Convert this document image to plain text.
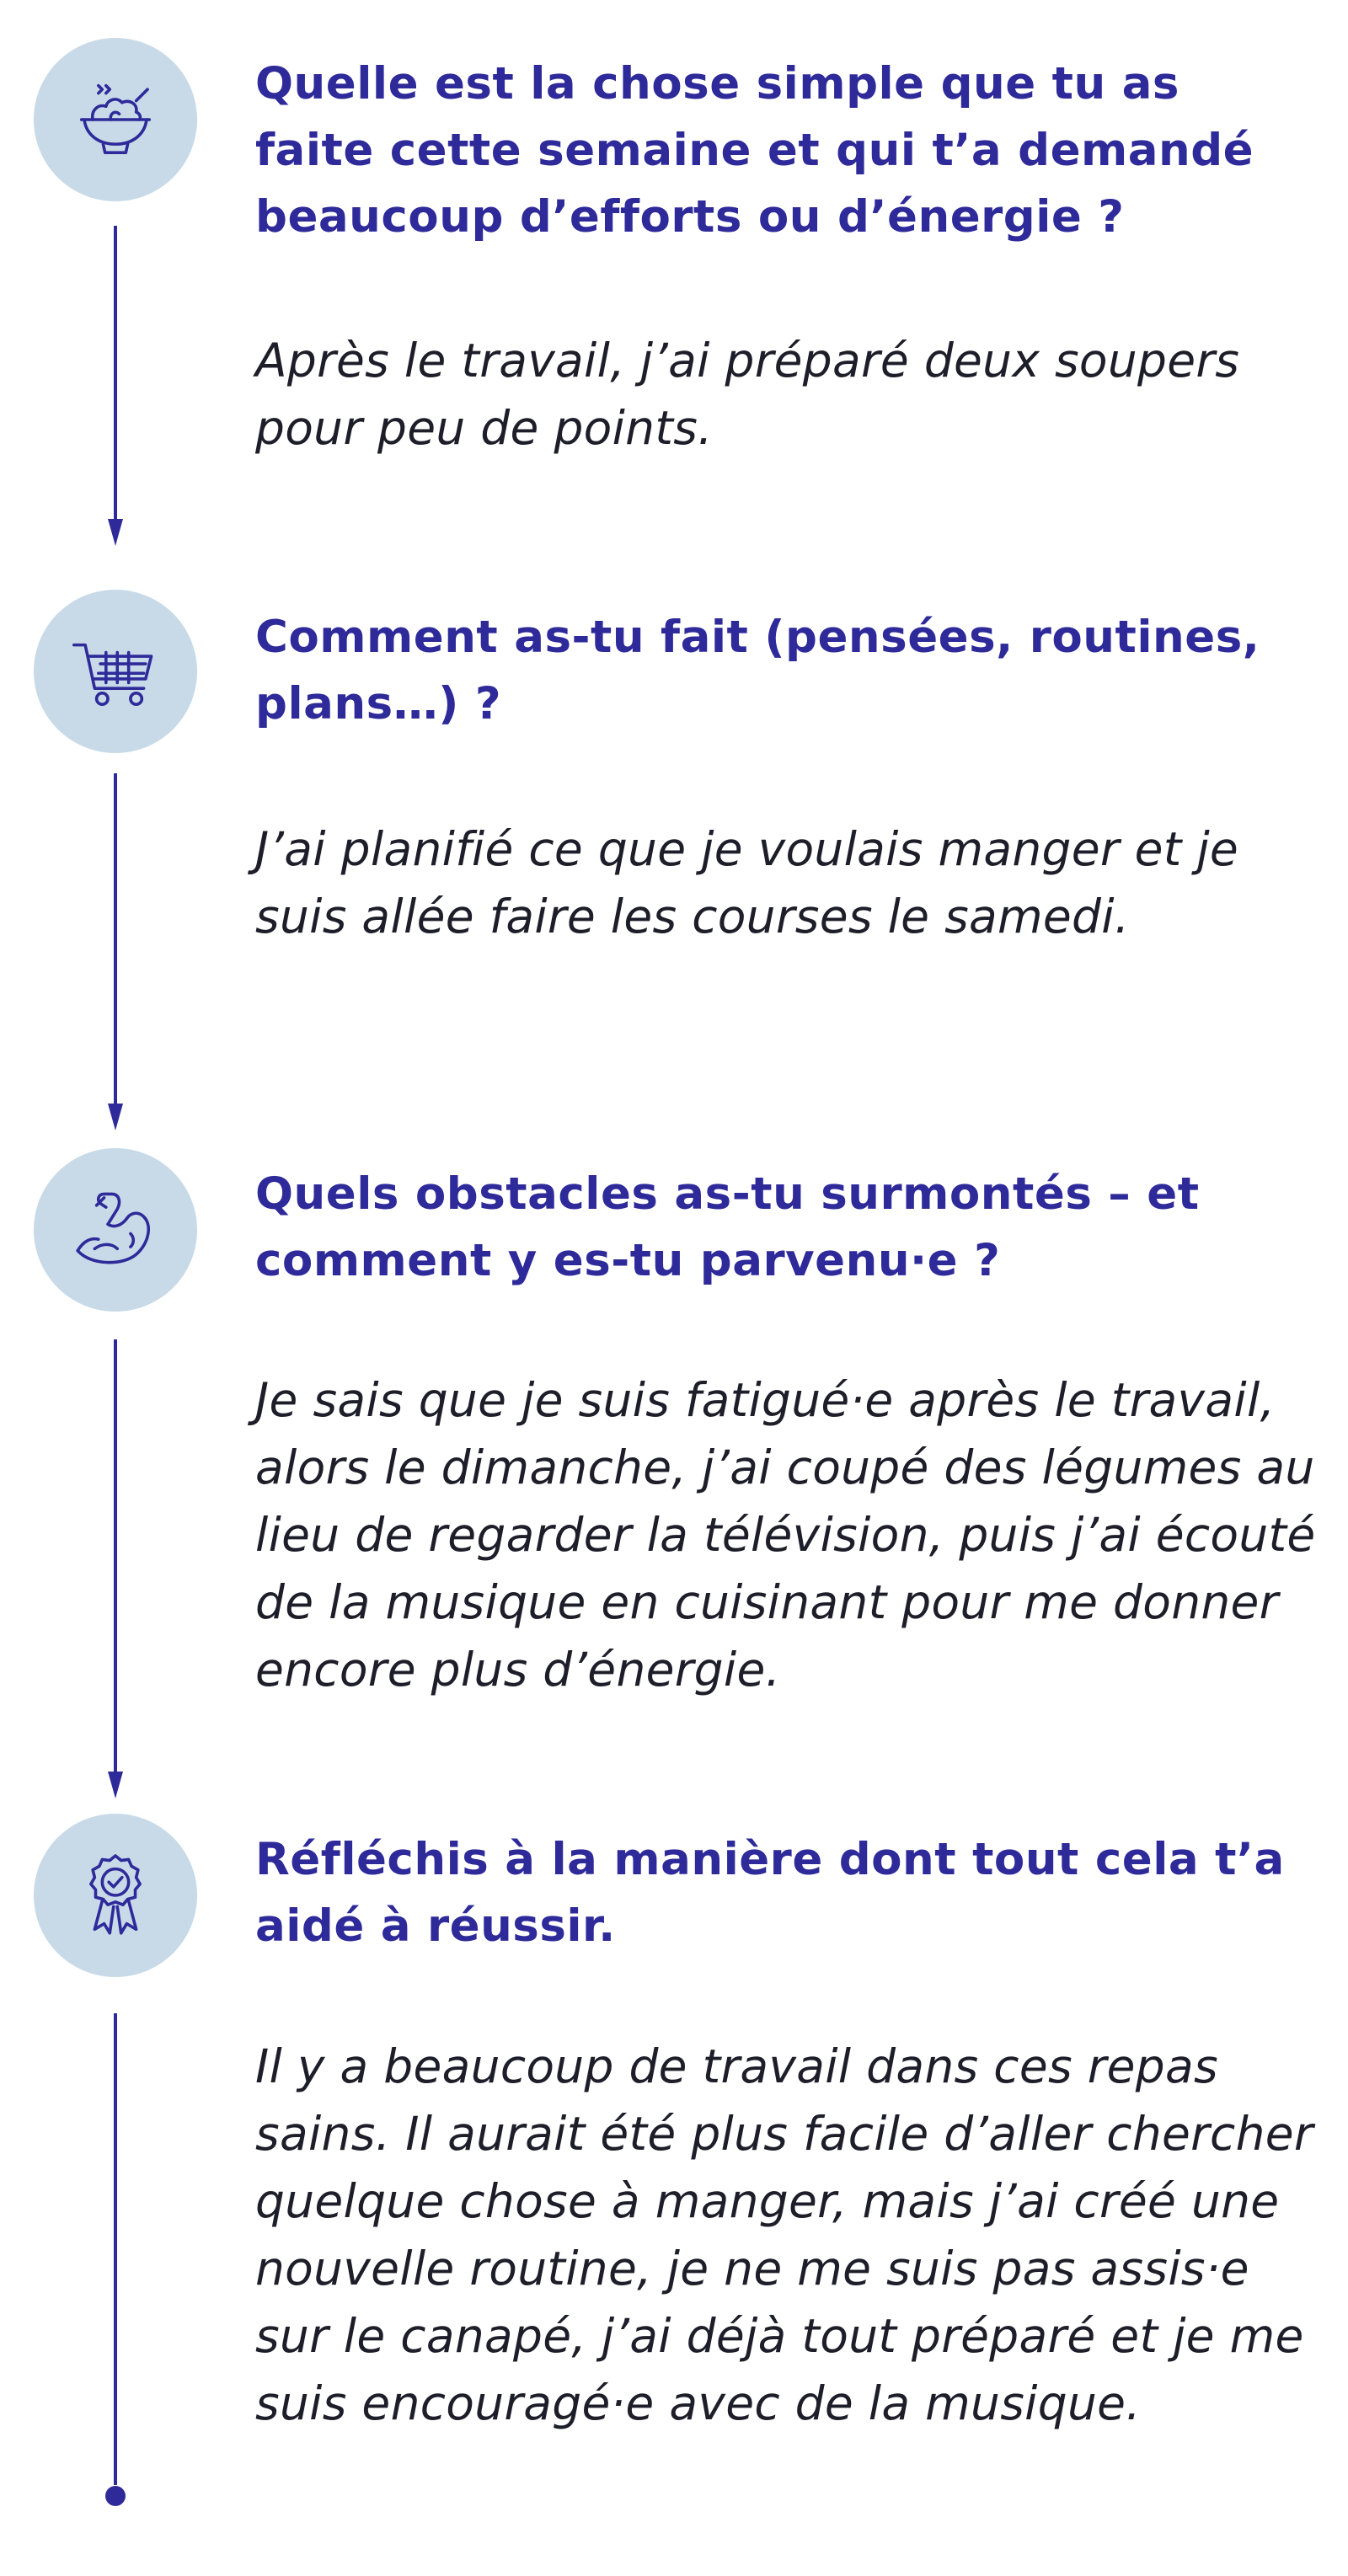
Quelle est la chose simple que tu as faite cette semaine et qui t’a demandé beaucoup d’efforts ou d’énergie ?

Après le travail, j’ai préparé deux soupers pour peu de points.

Comment as-tu fait (pensées, routines, plans…) ?

J’ai planifié ce que je voulais manger et je suis allée faire les courses le samedi.

Quels obstacles as-tu surmontés – et comment y es-tu parvenu·e ?

Je sais que je suis fatigué·e après le travail, alors le dimanche, j’ai coupé des légumes au lieu de regarder la télévision, puis j’ai écouté de la musique en cuisinant pour me donner encore plus d’énergie.

Réfléchis à la manière dont tout cela t’a aidé à réussir.

Il y a beaucoup de travail dans ces repas sains. Il aurait été plus facile d’aller chercher quelque chose à manger, mais j’ai créé une nouvelle routine, je ne me suis pas assis·e sur le canapé, j’ai déjà tout préparé et je me suis encouragé·e avec de la musique.
